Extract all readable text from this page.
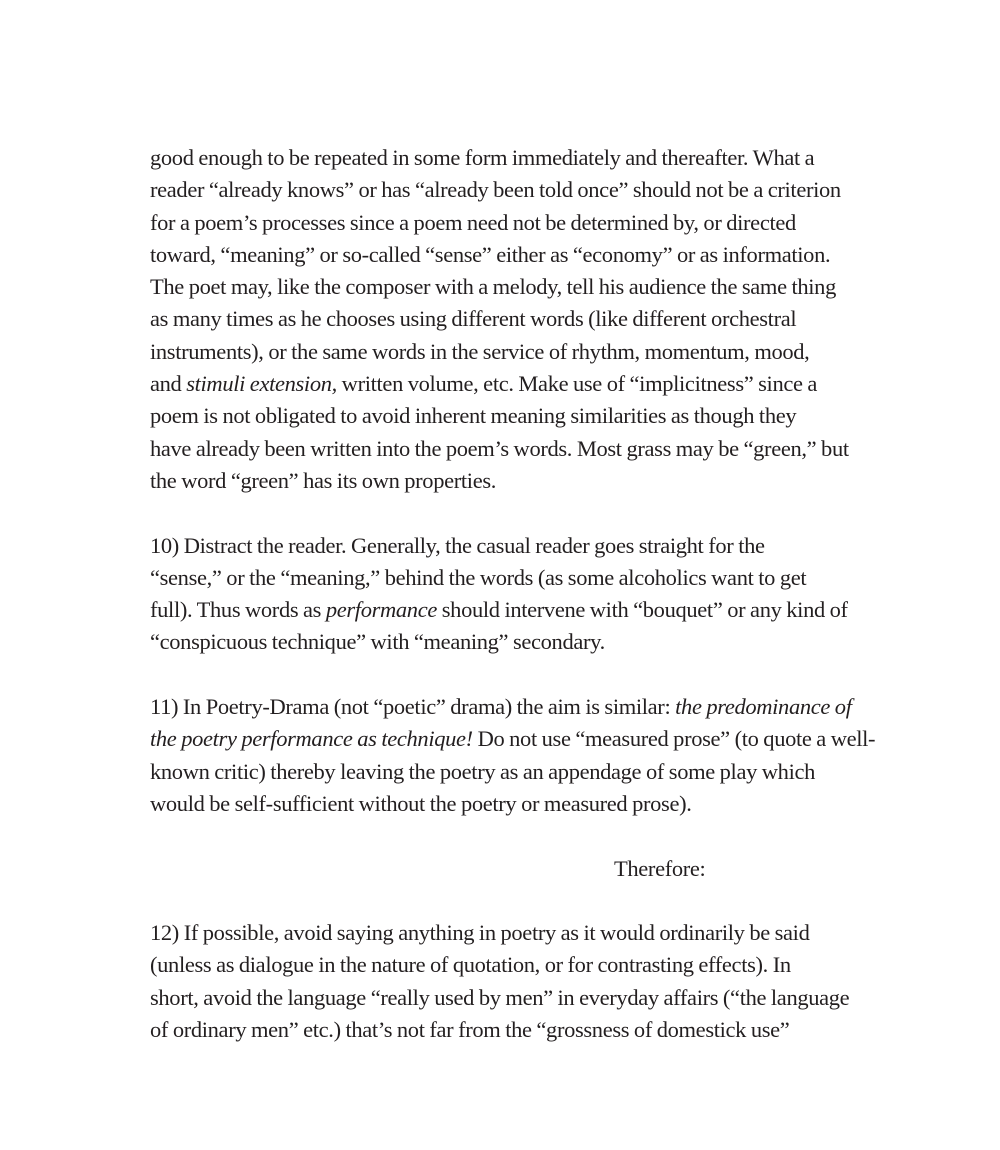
good enough to be repeated in some form immediately and thereafter. What a
reader “already knows” or has “already been told once” should not be a criterion
for a poem’s processes since a poem need not be determined by, or directed
toward, “meaning” or so-called “sense” either as “economy” or as information.
The poet may, like the composer with a melody, tell his audience the same thing
as many times as he chooses using different words (like different orchestral
instruments), or the same words in the service of rhythm, momentum, mood,
and stimuli extension, written volume, etc. Make use of “implicitness” since a
poem is not obligated to avoid inherent meaning similarities as though they
have already been written into the poem’s words. Most grass may be “green,” but
the word “green” has its own properties.
10) Distract the reader. Generally, the casual reader goes straight for the
“sense,” or the “meaning,” behind the words (as some alcoholics want to get
full). Thus words as performance should intervene with “bouquet” or any kind of
“conspicuous technique” with “meaning” secondary.
11) In Poetry-Drama (not “poetic” drama) the aim is similar: the predominance of
the poetry performance as technique! Do not use “measured prose” (to quote a well-
known critic) thereby leaving the poetry as an appendage of some play which
would be self-sufficient without the poetry or measured prose).
Therefore:
12) If possible, avoid saying anything in poetry as it would ordinarily be said
(unless as dialogue in the nature of quotation, or for contrasting effects). In
short, avoid the language “really used by men” in everyday affairs (“the language
of ordinary men” etc.) that’s not far from the “grossness of domestick use”
